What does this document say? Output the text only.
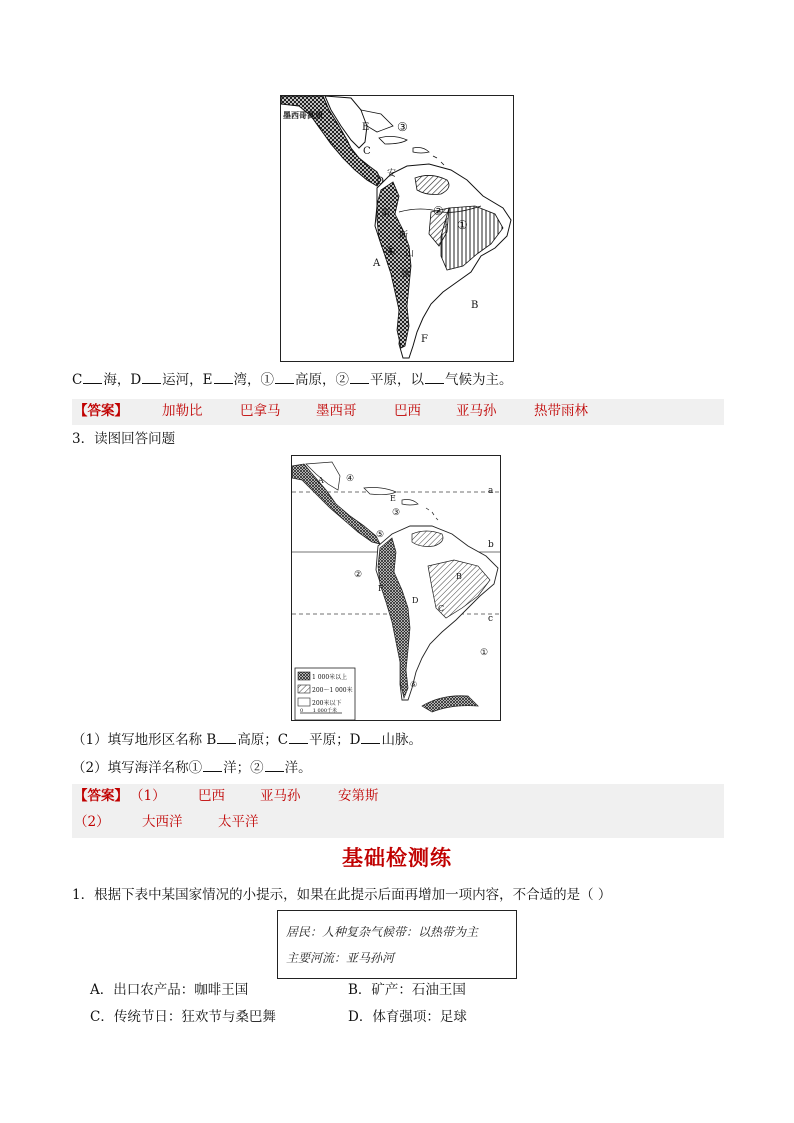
墨西哥高原
E ③
C
D
安
第	②
①
斯
④ 山
A
脉
B
F
C 海，D 运河，E 湾，① 高原，② 平原，以 气候为主。
【答案】	加勒比	巴拿马	墨西哥	巴西	亚马孙	热带雨林
3．读图回答问题
1 000米以上
200～1 000米
200米以下
0      1 000千米
A ④
a
E
③
⑤
b
②
F
B
D
C
c
①
⑥
（1）填写地形区名称 B 高原；C 平原；D 山脉。
（2）填写海洋名称① 洋；② 洋。
【答案】 （1） 巴西	亚马孙	安第斯
（2） 大西洋	太平洋
基础检测练
1．根据下表中某国家情况的小提示，如果在此提示后面再增加一项内容，不合适的是（ ）
居民：人种复杂气候带：以热带为主
主要河流：亚马孙河
A．出口农产品：咖啡王国	B．矿产：石油王国
C．传统节日：狂欢节与桑巴舞	D．体育强项：足球
